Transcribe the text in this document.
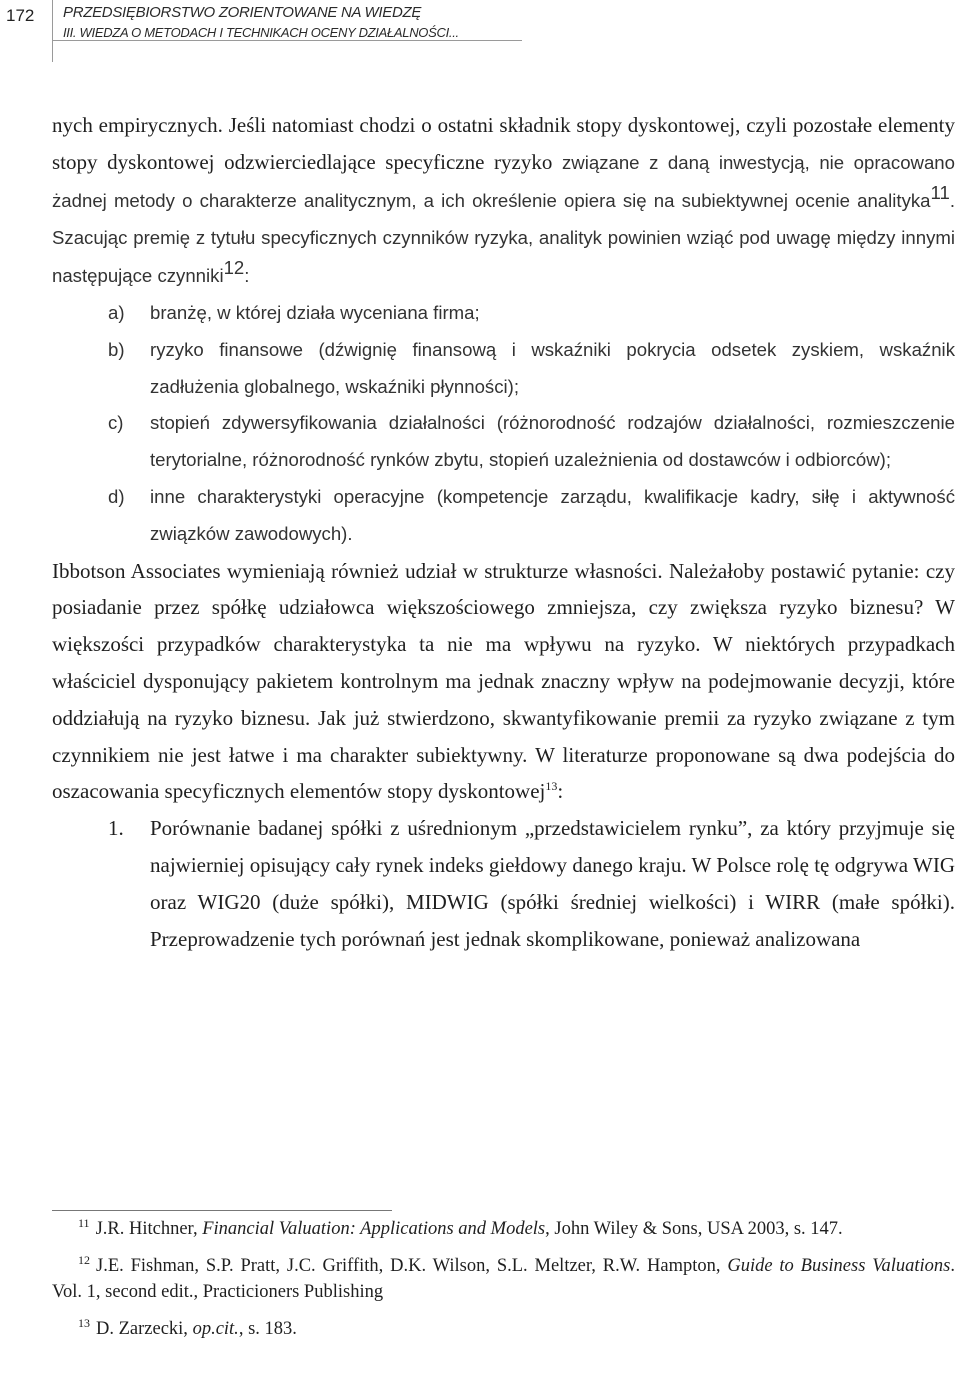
172	PRZEDSIĘBIORSTWO ZORIENTOWANE NA WIEDZĘ
III. WIEDZA O METODACH I TECHNIKACH OCENY DZIAŁALNOŚCI...

nych empirycznych. Jeśli natomiast chodzi o ostatni składnik stopy dyskontowej, czyli pozostałe elementy stopy dyskontowej odzwierciedlające specyficzne ryzyko związane z daną inwestycją, nie opracowano żadnej metody o charakterze analitycznym, a ich określenie opiera się na subiektywnej ocenie analityka$^{11}$. Szacując premię z tytułu specyficznych czynników ryzyka, analityk powinien wziąć pod uwagę między innymi następujące czynniki$^{12}$:

a) branżę, w której działa wyceniana firma;
b) ryzyko finansowe (dźwignię finansową i wskaźniki pokrycia odsetek zyskiem, wskaźnik zadłużenia globalnego, wskaźniki płynności);
c) stopień zdywersyfikowania działalności (różnorodność rodzajów działalności, rozmieszczenie terytorialne, różnorodność rynków zbytu, stopień uzależnienia od dostawców i odbiorców);
d) inne charakterystyki operacyjne (kompetencje zarządu, kwalifikacje kadry, siłę i aktywność związków zawodowych).

Ibbotson Associates wymieniają również udział w strukturze własności. Należałoby postawić pytanie: czy posiadanie przez spółkę udziałowca większościowego zmniejsza, czy zwiększa ryzyko biznesu? W większości przypadków charakterystyka ta nie ma wpływu na ryzyko. W niektórych przypadkach właściciel dysponujący pakietem kontrolnym ma jednak znaczny wpływ na podejmowanie decyzji, które oddziałują na ryzyko biznesu. Jak już stwierdzono, skwantyfikowanie premii za ryzyko związane z tym czynnikiem nie jest łatwe i ma charakter subiektywny. W literaturze proponowane są dwa podejścia do oszacowania specyficznych elementów stopy dyskontowej$^{13}$:

1. Porównanie badanej spółki z uśrednionym „przedstawicielem rynku”, za który przyjmuje się najwierniej opisujący cały rynek indeks giełdowy danego kraju. W Polsce rolę tę odgrywa WIG oraz WIG20 (duże spółki), MIDWIG (spółki średniej wielkości) i WIRR (małe spółki). Przeprowadzenie tych porównań jest jednak skomplikowane, ponieważ analizowana

$^{11}$ J.R. Hitchner, Financial Valuation: Applications and Models, John Wiley & Sons, USA 2003, s. 147.

$^{12}$ J.E. Fishman, S.P. Pratt, J.C. Griffith, D.K. Wilson, S.L. Meltzer, R.W. Hampton, Guide to Business Valuations. Vol. 1, second edit., Practicioners Publishing

$^{13}$ D. Zarzecki, op.cit., s. 183.
